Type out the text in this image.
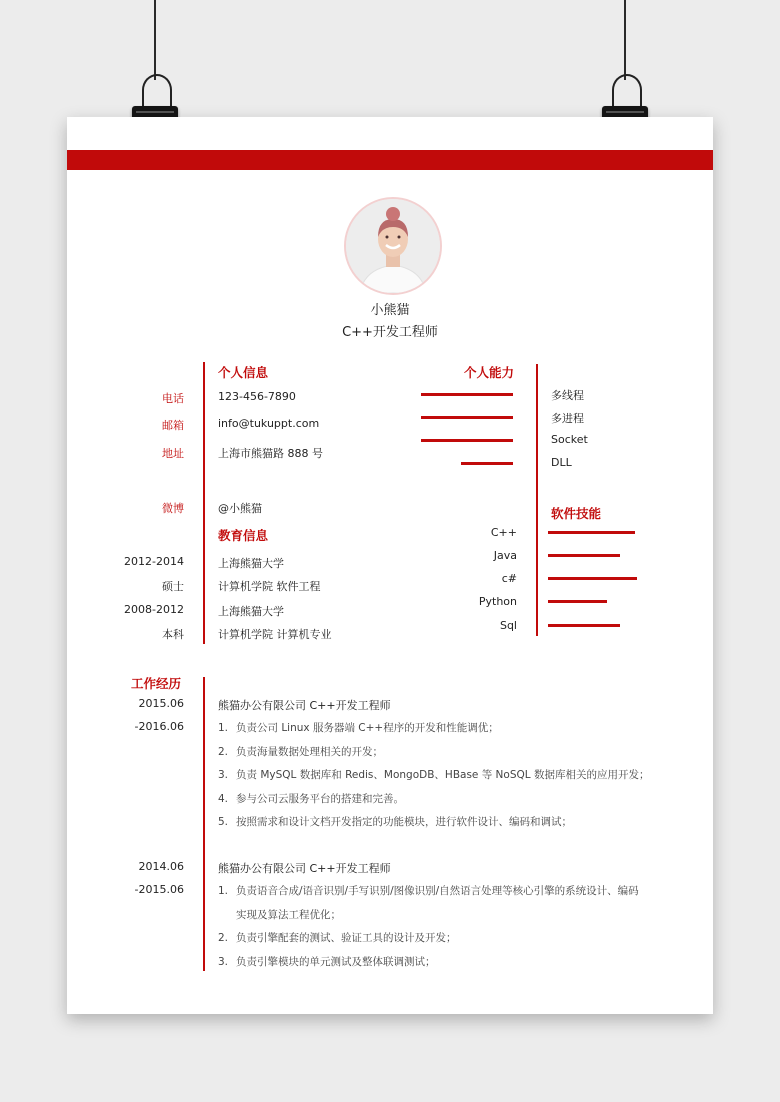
小熊猫
C++开发工程师
个人信息
电话	123-456-7890
邮箱	info@tukuppt.com
地址	上海市熊猫路 888 号
微博	@小熊猫
个人能力
多线程
多进程
Socket
DLL
教育信息
2012-2014	上海熊猫大学
硕士	计算机学院 软件工程
2008-2012	上海熊猫大学
本科	计算机学院 计算机专业
软件技能
C++
Java
c#
Python
Sql
工作经历
2015.06
-2016.06
熊猫办公有限公司 C++开发工程师
1. 负责公司 Linux 服务器端 C++程序的开发和性能调优；
2. 负责海量数据处理相关的开发；
3. 负责 MySQL 数据库和 Redis、MongoDB、HBase 等 NoSQL 数据库相关的应用开发；
4. 参与公司云服务平台的搭建和完善。
5. 按照需求和设计文档开发指定的功能模块，进行软件设计、编码和调试；
2014.06
-2015.06
熊猫办公有限公司 C++开发工程师
1. 负责语音合成/语音识别/手写识别/图像识别/自然语言处理等核心引擎的系统设计、编码
实现及算法工程优化；
2. 负责引擎配套的测试、验证工具的设计及开发；
3. 负责引擎模块的单元测试及整体联调测试；
